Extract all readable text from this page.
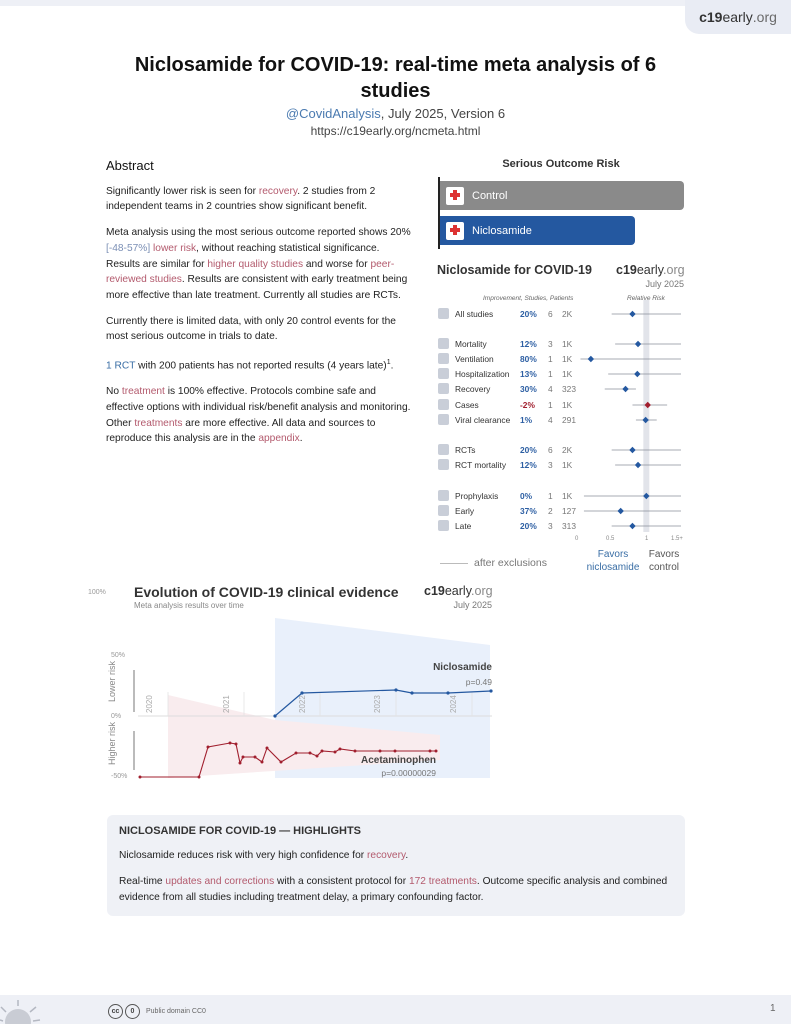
c19 early .org
Niclosamide for COVID-19: real-time meta analysis of 6 studies
@CovidAnalysis, July 2025, Version 6
https://c19early.org/ncmeta.html
Abstract

Significantly lower risk is seen for recovery. 2 studies from 2 independent teams in 2 countries show significant benefit.

Meta analysis using the most serious outcome reported shows 20% [-48-57%] lower risk, without reaching statistical significance. Results are similar for higher quality studies and worse for peer-reviewed studies. Results are consistent with early treatment being more effective than late treatment. Currently all studies are RCTs.

Currently there is limited data, with only 20 control events for the most serious outcome in trials to date.

1 RCT with 200 patients has not reported results (4 years late)$^1$.

No treatment is 100% effective. Protocols combine safe and effective options with individual risk/benefit analysis and monitoring. Other treatments are more effective. All data and sources to reproduce this analysis are in the appendix.

Serious Outcome Risk
Control
Niclosamide
Niclosamide for COVID-19 c19early.org
July 2025
Improvement, Studies, Patients	Relative Risk
All studies	20% 6 2K
Mortality	12% 3 1K
Ventilation	80% 1 1K
Hospitalization 13% 1 1K
Recovery	30% 4 323
Cases	-2% 1 1K
Viral clearance 1% 4 291
RCTs	20% 6 2K
RCT mortality 12% 3 1K
Prophylaxis	0% 1 1K
Early	37% 2 127
Late	20% 3 313
0	0.5	1	1.5+
after exclusions
Favors niclosamide
Favors control
100% Evolution of COVID-19 clinical evidence
Meta analysis results over time
c19early.org
July 2025
50%
0%
-50%
Lower risk
Higher risk
2020	2021	2022	2023	2024
Niclosamide
p=0.49
Acetaminophen
p=0.00000029
NICLOSAMIDE FOR COVID-19 — HIGHLIGHTS

Niclosamide reduces risk with very high confidence for recovery.

Real-time updates and corrections with a consistent protocol for 172 treatments. Outcome specific analysis and combined evidence from all studies including treatment delay, a primary confounding factor.

cc	0	Public domain CC0	1
